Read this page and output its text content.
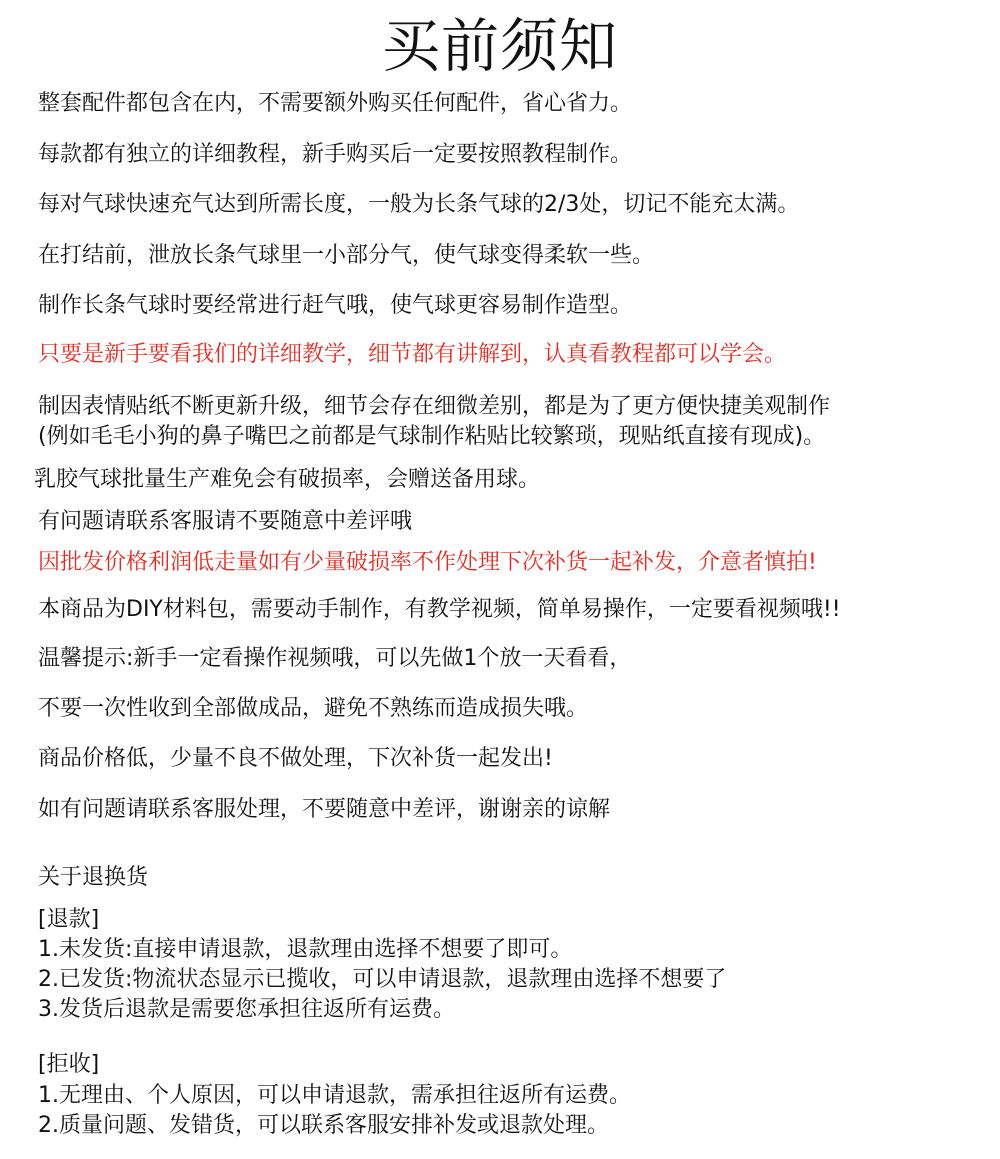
买前须知
整套配件都包含在内，不需要额外购买任何配件，省心省力。
每款都有独立的详细教程，新手购买后一定要按照教程制作。
每对气球快速充气达到所需长度，一般为长条气球的2/3处，切记不能充太满。
在打结前，泄放长条气球里一小部分气，使气球变得柔软一些。
制作长条气球时要经常进行赶气哦，使气球更容易制作造型。
只要是新手要看我们的详细教学，细节都有讲解到，认真看教程都可以学会。
制因表情贴纸不断更新升级，细节会存在细微差别，都是为了更方便快捷美观制作
(例如毛毛小狗的鼻子嘴巴之前都是气球制作粘贴比较繁琐，现贴纸直接有现成)。
乳胶气球批量生产难免会有破损率，会赠送备用球。
有问题请联系客服请不要随意中差评哦
因批发价格利润低走量如有少量破损率不作处理下次补货一起补发，介意者慎拍!
本商品为DIY材料包，需要动手制作，有教学视频，简单易操作，一定要看视频哦!!
温馨提示:新手一定看操作视频哦，可以先做1个放一天看看，
不要一次性收到全部做成品，避免不熟练而造成损失哦。
商品价格低，少量不良不做处理，下次补货一起发出!
如有问题请联系客服处理，不要随意中差评，谢谢亲的谅解
关于退换货
[退款]
1.未发货:直接申请退款，退款理由选择不想要了即可。
2.已发货:物流状态显示已揽收，可以申请退款，退款理由选择不想要了
3.发货后退款是需要您承担往返所有运费。
[拒收]
1.无理由、个人原因，可以申请退款，需承担往返所有运费。
2.质量问题、发错货，可以联系客服安排补发或退款处理。
